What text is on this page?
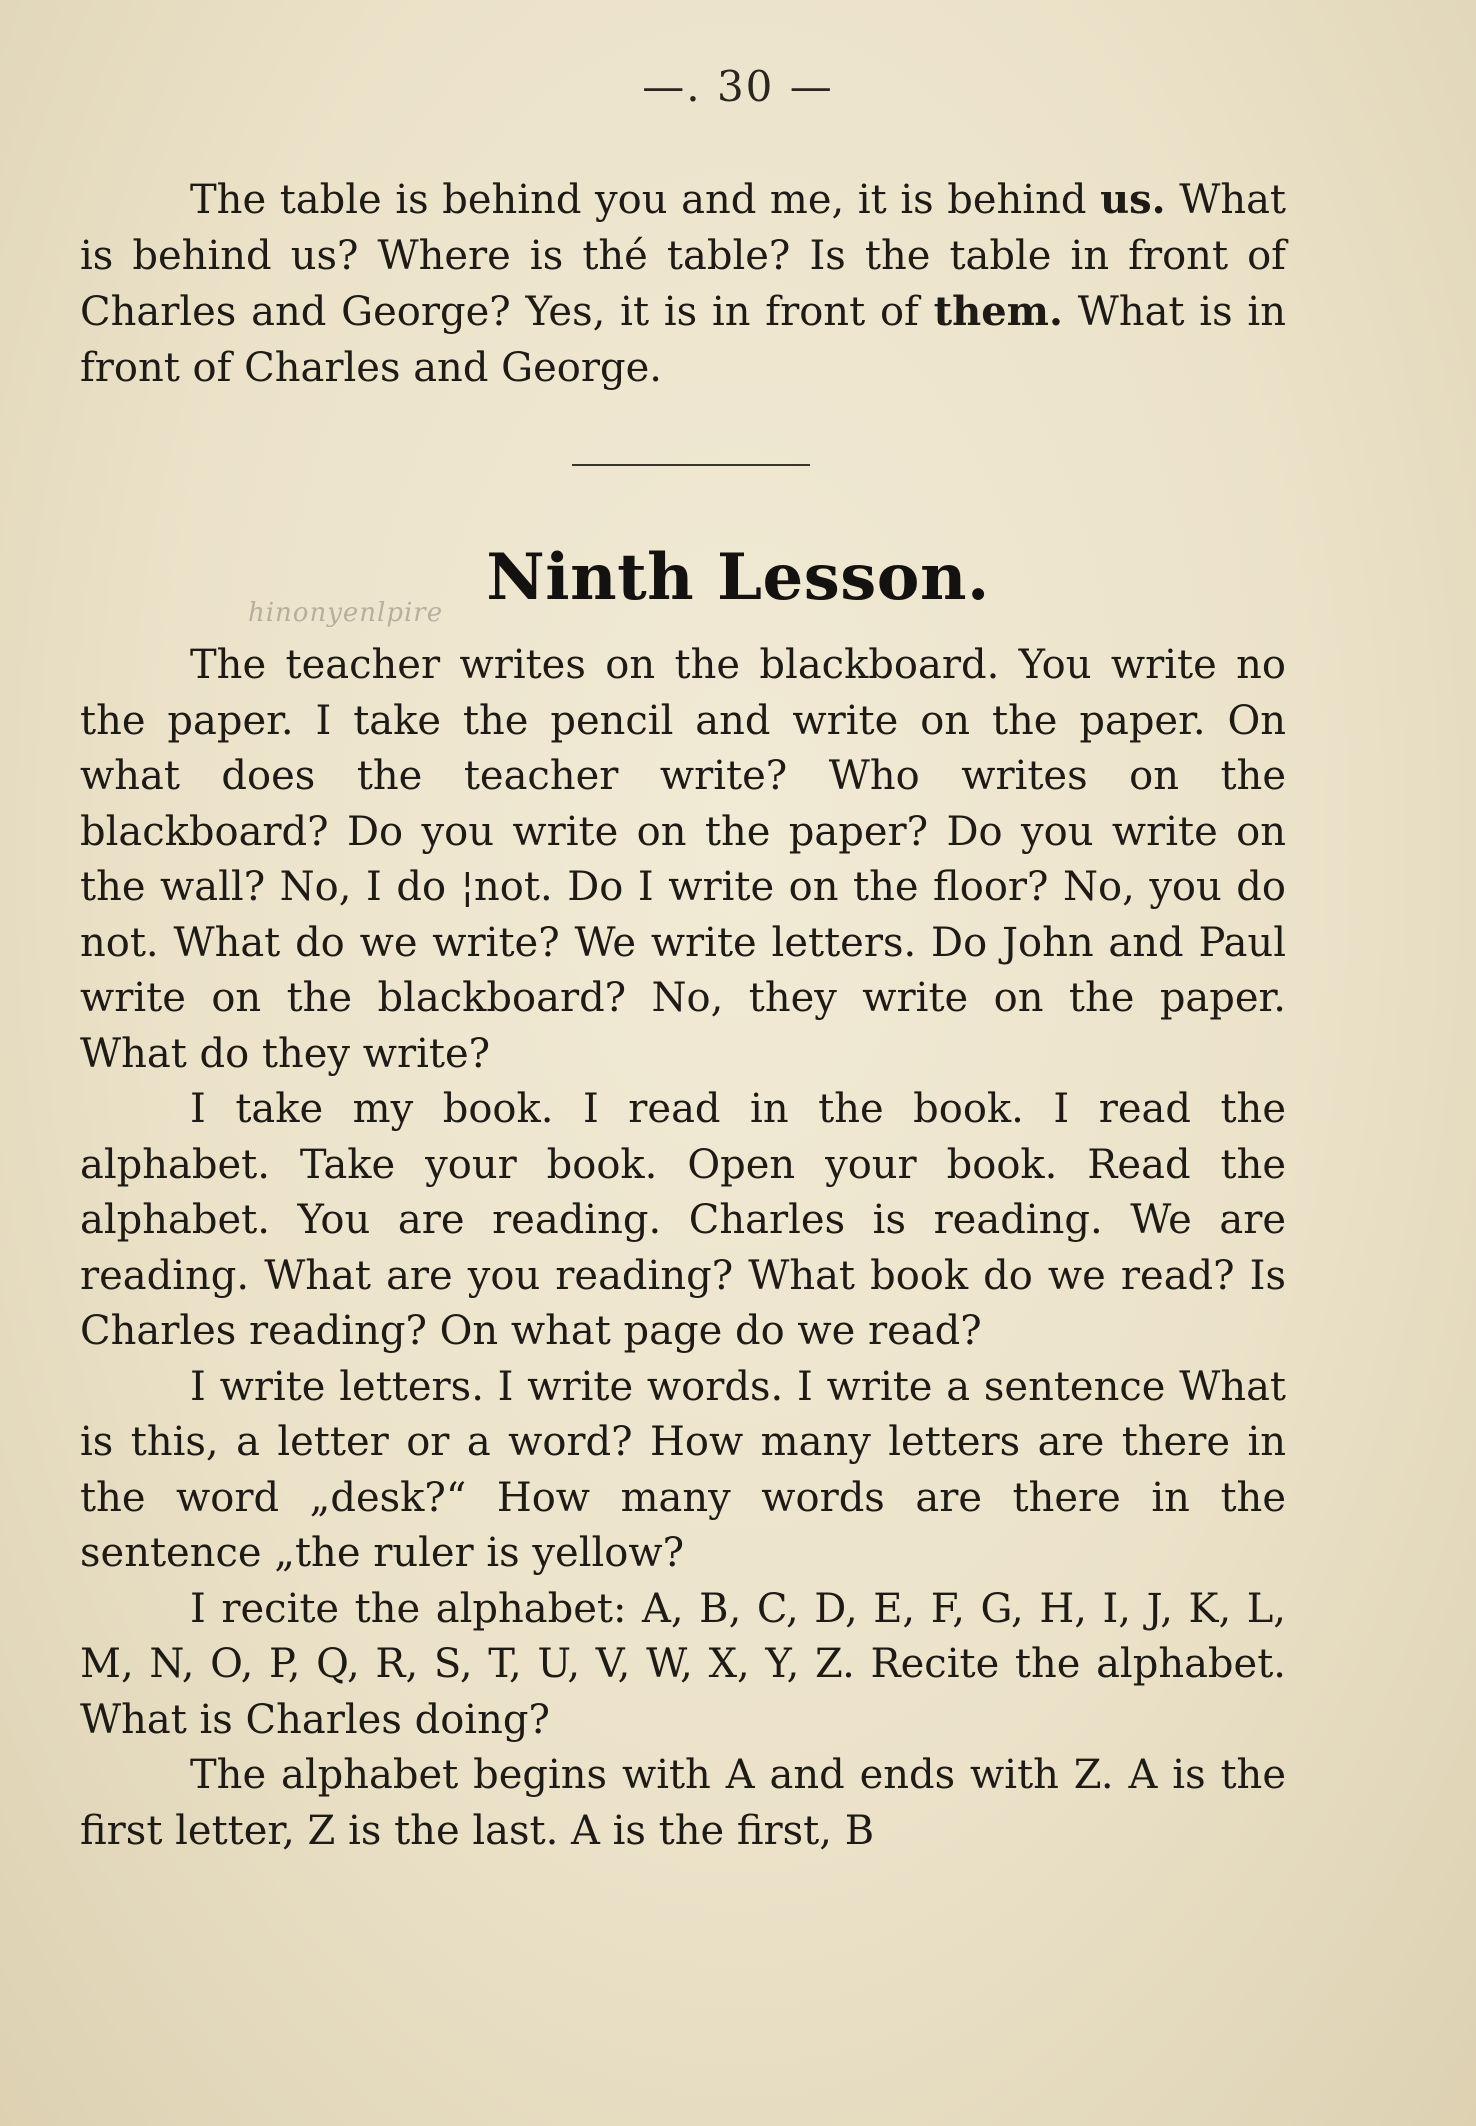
—. 30 —

The table is behind you and me, it is behind us. What is behind us? Where is thé table? Is the table in front of Charles and George? Yes, it is in front of them. What is in front of Charles and George.

Ninth Lesson.
hinonyenlpire

The teacher writes on the blackboard. You write no the paper. I take the pencil and write on the paper. On what does the teacher write? Who writes on the blackboard? Do you write on the paper? Do you write on the wall? No, I do ¦not. Do I write on the floor? No, you do not. What do we write? We write letters. Do John and Paul write on the blackboard? No, they write on the paper. What do they write?

I take my book. I read in the book. I read the alphabet. Take your book. Open your book. Read the alphabet. You are reading. Charles is reading. We are reading. What are you reading? What book do we read? Is Charles reading? On what page do we read?

I write letters. I write words. I write a sentence What is this, a letter or a word? How many letters are there in the word „desk?“ How many words are there in the sentence „the ruler is yellow?

I recite the alphabet: A, B, C, D, E, F, G, H, I, J, K, L, M, N, O, P, Q, R, S, T, U, V, W, X, Y, Z. Recite the alphabet. What is Charles doing?

The alphabet begins with A and ends with Z. A is the first letter, Z is the last. A is the first, B
